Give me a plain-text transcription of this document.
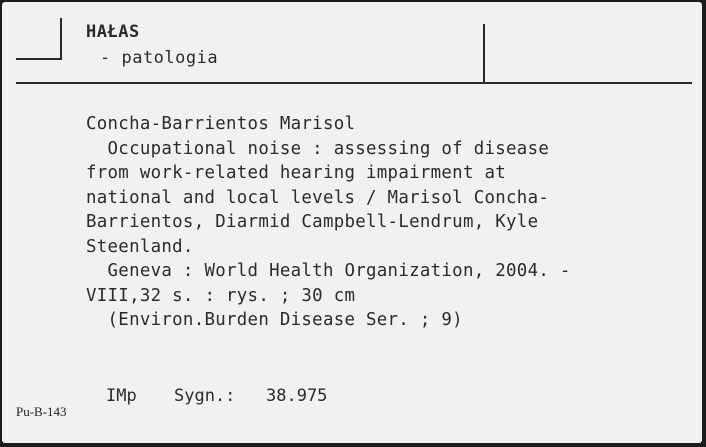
HAŁAS
- patologia
Concha-Barrientos Marisol
Occupational noise : assessing of disease
from work-related hearing impairment at
national and local levels / Marisol Concha-
Barrientos, Diarmid Campbell-Lendrum, Kyle
Steenland.
Geneva : World Health Organization, 2004. -
VIII,32 s. : rys. ; 30 cm
(Environ.Burden Disease Ser. ; 9)
Pu-B-143
IMp Sygn.: 38.975
